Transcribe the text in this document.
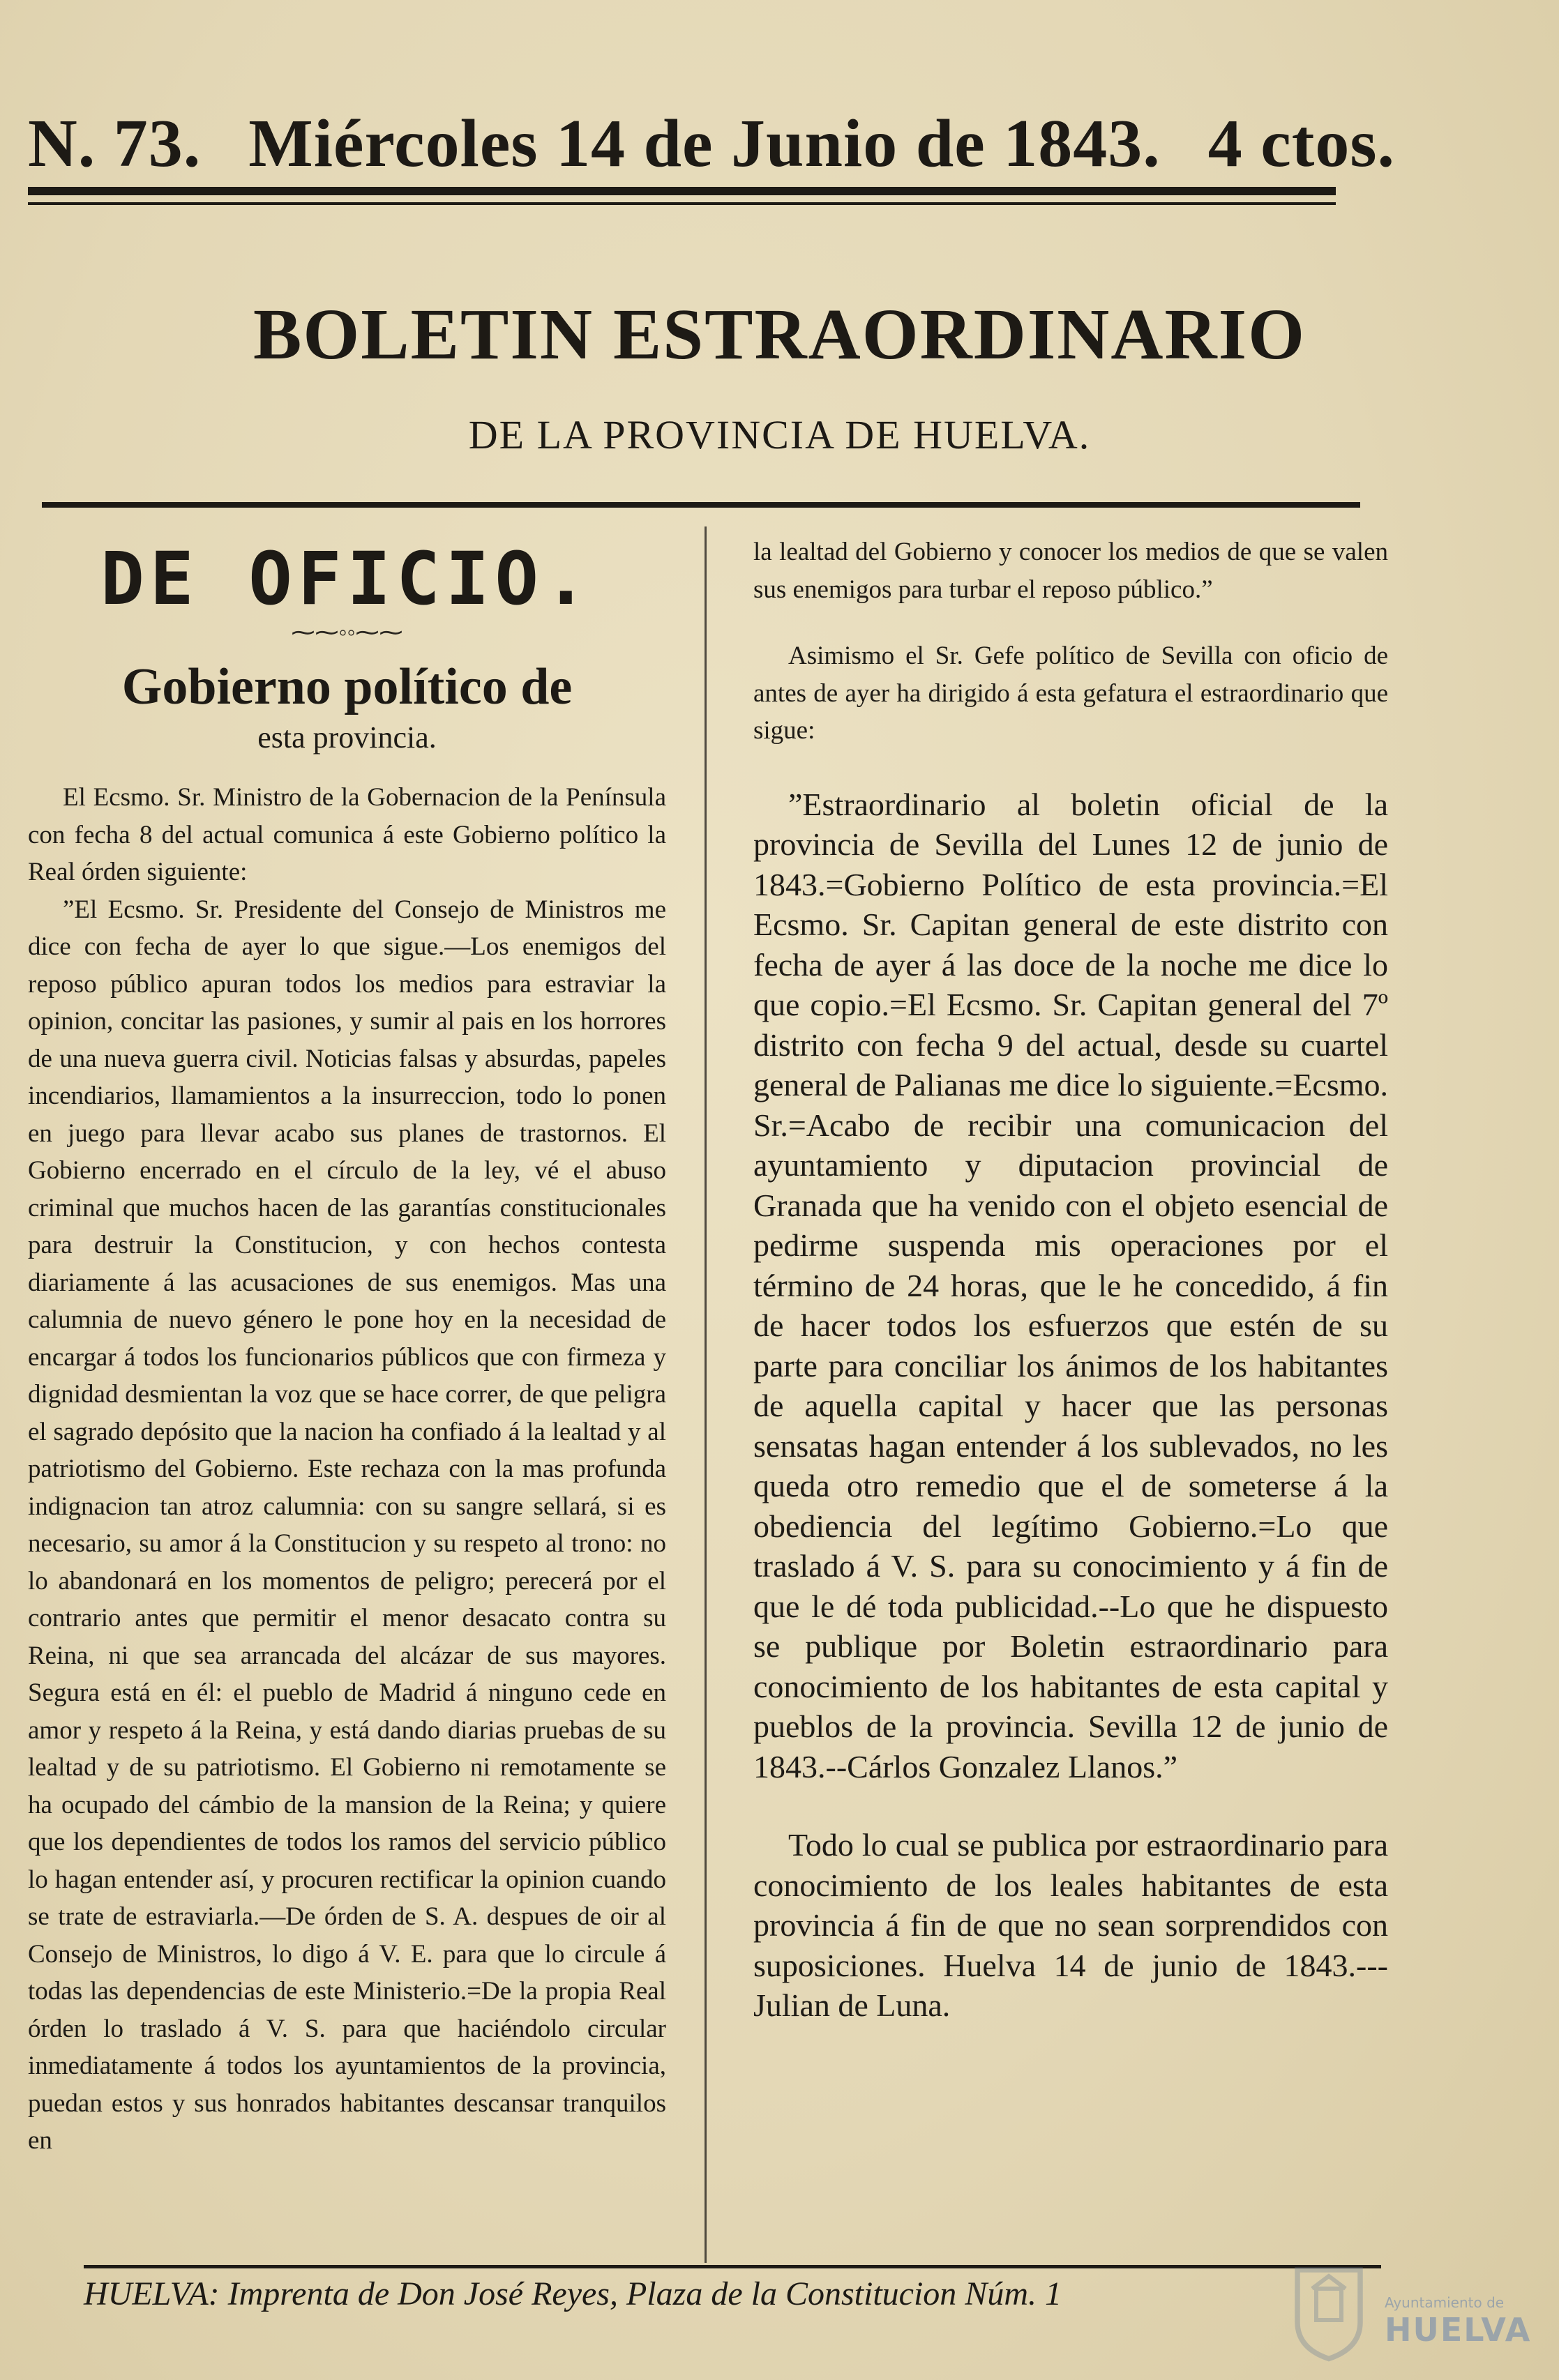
N. 73. Miércoles 14 de Junio de 1843. 4 ctos.
BOLETIN ESTRAORDINARIO
DE LA PROVINCIA DE HUELVA.
DE OFICIO.
⁓⁓◦◦⁓⁓
Gobierno político de
esta provincia.

El Ecsmo. Sr. Ministro de la Gobernacion de la Península con fecha 8 del actual comunica á este Gobierno político la Real órden siguiente:

”El Ecsmo. Sr. Presidente del Consejo de Ministros me dice con fecha de ayer lo que sigue.—Los enemigos del reposo público apuran todos los medios para estraviar la opinion, concitar las pasiones, y sumir al pais en los horrores de una nueva guerra civil. Noticias falsas y absurdas, papeles incendiarios, llamamientos a la insurreccion, todo lo ponen en juego para llevar acabo sus planes de trastornos. El Gobierno encerrado en el círculo de la ley, vé el abuso criminal que muchos hacen de las garantías constitucionales para destruir la Constitucion, y con hechos contesta diariamente á las acusaciones de sus enemigos. Mas una calumnia de nuevo género le pone hoy en la necesidad de encargar á todos los funcionarios públicos que con firmeza y dignidad desmientan la voz que se hace correr, de que peligra el sagrado depósito que la nacion ha confiado á la lealtad y al patriotismo del Gobierno. Este rechaza con la mas profunda indignacion tan atroz calumnia: con su sangre sellará, si es necesario, su amor á la Constitucion y su respeto al trono: no lo abandonará en los momentos de peligro; perecerá por el contrario antes que permitir el menor desacato contra su Reina, ni que sea arrancada del alcázar de sus mayores. Segura está en él: el pueblo de Madrid á ninguno cede en amor y respeto á la Reina, y está dando diarias pruebas de su lealtad y de su patriotismo. El Gobierno ni remotamente se ha ocupado del cámbio de la mansion de la Reina; y quiere que los dependientes de todos los ramos del servicio público lo hagan entender así, y procuren rectificar la opinion cuando se trate de estraviarla.—De órden de S. A. despues de oir al Consejo de Ministros, lo digo á V. E. para que lo circule á todas las dependencias de este Ministerio.=De la propia Real órden lo traslado á V. S. para que haciéndolo circular inmediatamente á todos los ayuntamientos de la provincia, puedan estos y sus honrados habitantes descansar tranquilos en

la lealtad del Gobierno y conocer los medios de que se valen sus enemigos para turbar el reposo público.”

Asimismo el Sr. Gefe político de Sevilla con oficio de antes de ayer ha dirigido á esta gefatura el estraordinario que sigue:

”Estraordinario al boletin oficial de la provincia de Sevilla del Lunes 12 de junio de 1843.=Gobierno Político de esta provincia.=El Ecsmo. Sr. Capitan general de este distrito con fecha de ayer á las doce de la noche me dice lo que copio.=El Ecsmo. Sr. Capitan general del 7º distrito con fecha 9 del actual, desde su cuartel general de Palianas me dice lo siguiente.=Ecsmo. Sr.=Acabo de recibir una comunicacion del ayuntamiento y diputacion provincial de Granada que ha venido con el objeto esencial de pedirme suspenda mis operaciones por el término de 24 horas, que le he concedido, á fin de hacer todos los esfuerzos que estén de su parte para conciliar los ánimos de los habitantes de aquella capital y hacer que las personas sensatas hagan entender á los sublevados, no les queda otro remedio que el de someterse á la obediencia del legítimo Gobierno.=Lo que traslado á V. S. para su conocimiento y á fin de que le dé toda publicidad.--Lo que he dispuesto se publique por Boletin estraordinario para conocimiento de los habitantes de esta capital y pueblos de la provincia. Sevilla 12 de junio de 1843.--Cárlos Gonzalez Llanos.”

Todo lo cual se publica por estraordinario para conocimiento de los leales habitantes de esta provincia á fin de que no sean sorprendidos con suposiciones. Huelva 14 de junio de 1843.---Julian de Luna.

HUELVA: Imprenta de Don José Reyes, Plaza de la Constitucion Núm. 1	Ayuntamiento de
HUELVA
